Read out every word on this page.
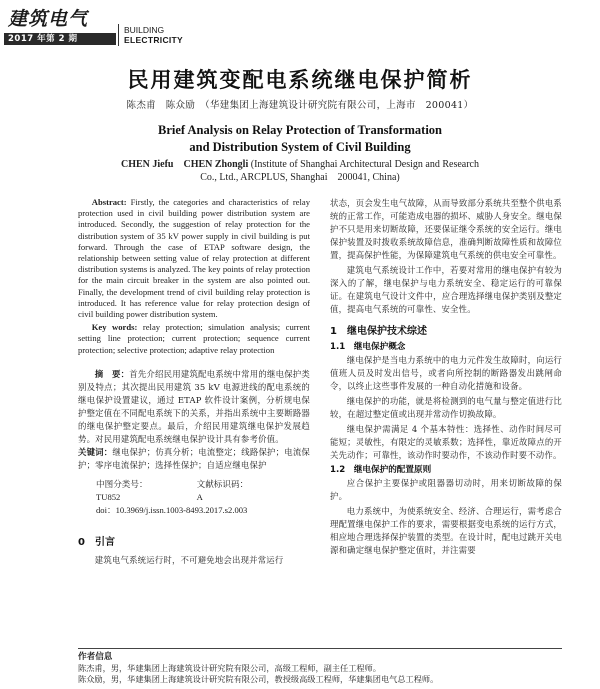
建筑电气
2017 年第 2 期
BUILDING
ELECTRICITY
民用建筑变配电系统继电保护简析
陈杰甫　陈众励　（华建集团上海建筑设计研究院有限公司，上海市　200041）
Brief Analysis on Relay Protection of Transformation
and Distribution System of Civil Building
CHEN Jiefu　CHEN Zhongli (Institute of Shanghai Architectural Design and Research
Co., Ltd., ARCPLUS, Shanghai　200041, China)

Abstract: Firstly, the categories and characteristics of relay protection used in civil building power distribution system are introduced. Secondly, the suggestion of relay protection for the distribution system of 35 kV power supply in civil building is put forward. Through the case of ETAP software design, the relationship between setting value of relay protection at different distribution systems is analyzed. The key points of relay protection for the main circuit breaker in the system are also pointed out. Finally, the development trend of civil building relay protection is introduced. It has reference value for relay protection design of civil building power distribution system.

Key words: relay protection; simulation analysis; current setting line protection; current protection; sequence current protection; selective protection; adaptive relay protection

摘　要：首先介绍民用建筑配电系统中常用的继电保护类别及特点；其次提出民用建筑 35 kV 电源进线的配电系统的继电保护设置建议，通过 ETAP 软件设计案例，分析规电保护整定值在不同配电系统下的关系，并指出系统中主要断路器的继电保护整定要点。最后，介绍民用建筑继电保护发展趋势。对民用建筑配电系统继电保护设计具有参考价值。

关键词：继电保护；仿真分析；电流整定；线路保护；电流保护；零序电流保护；选择性保护；自适应继电保护

中图分类号：TU852
文献标识码：A
doi：10.3969/j.issn.1003-8493.2017.s2.003
0　引言

建筑电气系统运行时，不可避免地会出现并常运行

状态，页会发生电气故障，从而导致部分系统共至整个供电系统的正常工作，可能造成电器的损坏、威胁人身安全。继电保护不只是用来切断故障，还要保证继令系统的安全运行。继电保护装置及时拨收系统故障信息，准确判断故障性质和故障位置，提高保护性能，为保障建筑电气系统的供电安全可靠性。

建筑电气系统设计工作中，若要对常用的继电保护有较为深入的了解，继电保护与电力系统安全、稳定运行的可靠保证。在建筑电气设计文件中，应合理选择继电保护类别及整定值，提高电气系统的可靠性、安全性。

1　继电保护技术综述
1.1　继电保护概念

继电保护是当电力系统中的电力元件发生故障时，向运行值班人员及时发出信号，或者向所控制的断路器发出跳闸命令，以终止这些事件发展的一种自动化措施和设备。

继电保护的功能，就是将检测到的电气量与整定值进行比较，在超过整定值或出现并常动作切换故障。

继电保护需满足 4 个基本特性：选择性、动作时间尽可能短；灵敏性，有限定的灵敏系数；选择性，靠近故障点的开关先动作；可靠性，该动作时要动作，不该动作时要不动作。

1.2　继电保护的配置原则

应合保护主要保护或阻器器切动时，用来切断故障的保护。

电力系统中，为使系统安全、经济、合理运行，需考虑合理配置继电保护工作的要求，需要根据变电系统的运行方式，相应地合理选择保护装置的类型。在设计时，配电过跳开关电源和确定继电保护整定值时，并注需要

作者信息
陈杰甫，男，华建集团上海建筑设计研究院有限公司，高级工程师，副主任工程师。
陈众励，男，华建集团上海建筑设计研究院有限公司，教授级高级工程师，华建集团电气总工程师。
